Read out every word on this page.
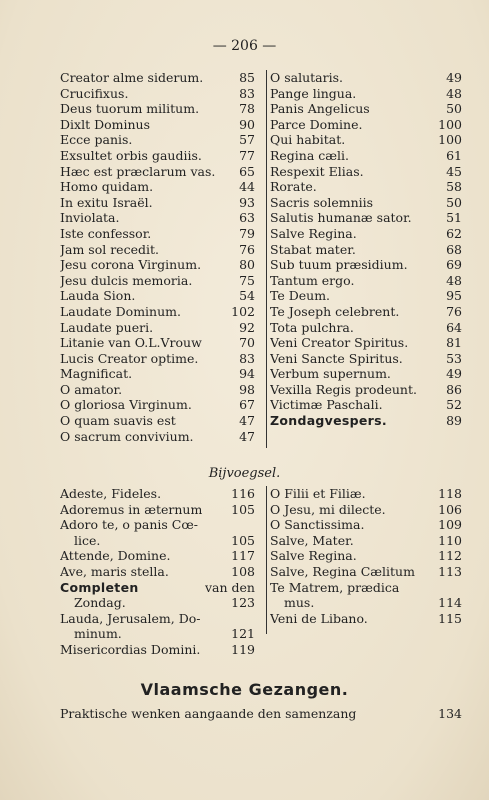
— 206 —
Creator alme siderum.	85
Crucifixus.	83
Deus tuorum militum.	78
Dixlt Dominus	90
Ecce panis.	57
Exsultet orbis gaudiis.	77
Hæc est præclarum vas.	65
Homo quidam.	44
In exitu Israël.	93
Inviolata.	63
Iste confessor.	79
Jam sol recedit.	76
Jesu corona Virginum.	80
Jesu dulcis memoria.	75
Lauda Sion.	54
Laudate Dominum.	102
Laudate pueri.	92
Litanie van O.L.Vrouw	70
Lucis Creator optime.	83
Magnificat.	94
O amator.	98
O gloriosa Virginum.	67
O quam suavis est	47
O sacrum convivium.	47
O salutaris.	49
Pange lingua.	48
Panis Angelicus	50
Parce Domine.	100
Qui habitat.	100
Regina cæli.	61
Respexit Elias.	45
Rorate.	58
Sacris solemniis	50
Salutis humanæ sator.	51
Salve Regina.	62
Stabat mater.	68
Sub tuum præsidium.	69
Tantum ergo.	48
Te Deum.	95
Te Joseph celebrent.	76
Tota pulchra.	64
Veni Creator Spiritus.	81
Veni Sancte Spiritus.	53
Verbum supernum.	49
Vexilla Regis prodeunt.	86
Victimæ Paschali.	52
Zondagvespers.	89
Bijvoegsel.
Adeste, Fideles.	116
Adoremus in æternum	105
Adoro te, o panis Cœ-
lice.	105
Attende, Domine.	117
Ave, maris stella.	108
Completen	van den
Zondag.	123
Lauda, Jerusalem, Do-
minum.	121
Misericordias Domini.	119
O Filii et Filiæ.	118
O Jesu, mi dilecte.	106
O Sanctissima.	109
Salve, Mater.	110
Salve Regina.	112
Salve, Regina Cælitum	113
Te Matrem, prædica
mus.	114
Veni de Libano.	115
Vlaamsche Gezangen.
Praktische wenken aangaande den samenzang	134
